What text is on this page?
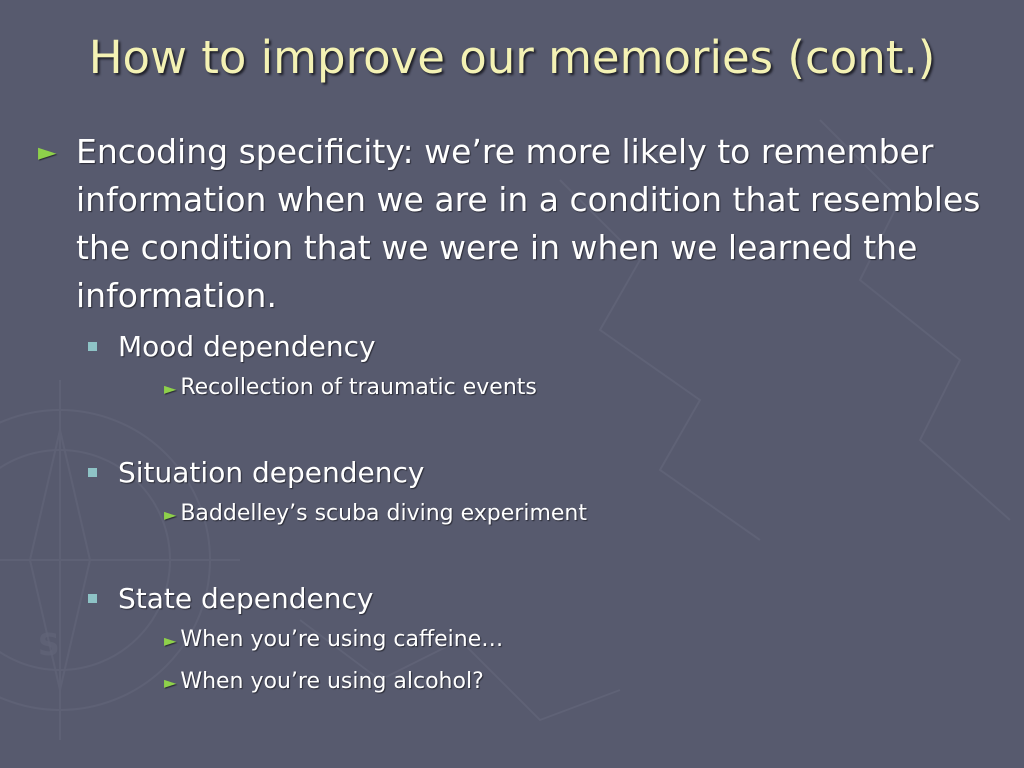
S
How to improve our memories (cont.)
► Encoding specificity: we’re more likely to remember information when we are in a condition that resembles the condition that we were in when we learned the information.
Mood dependency
► Recollection of traumatic events
Situation dependency
► Baddelley’s scuba diving experiment
State dependency
► When you’re using caffeine…
► When you’re using alcohol?
